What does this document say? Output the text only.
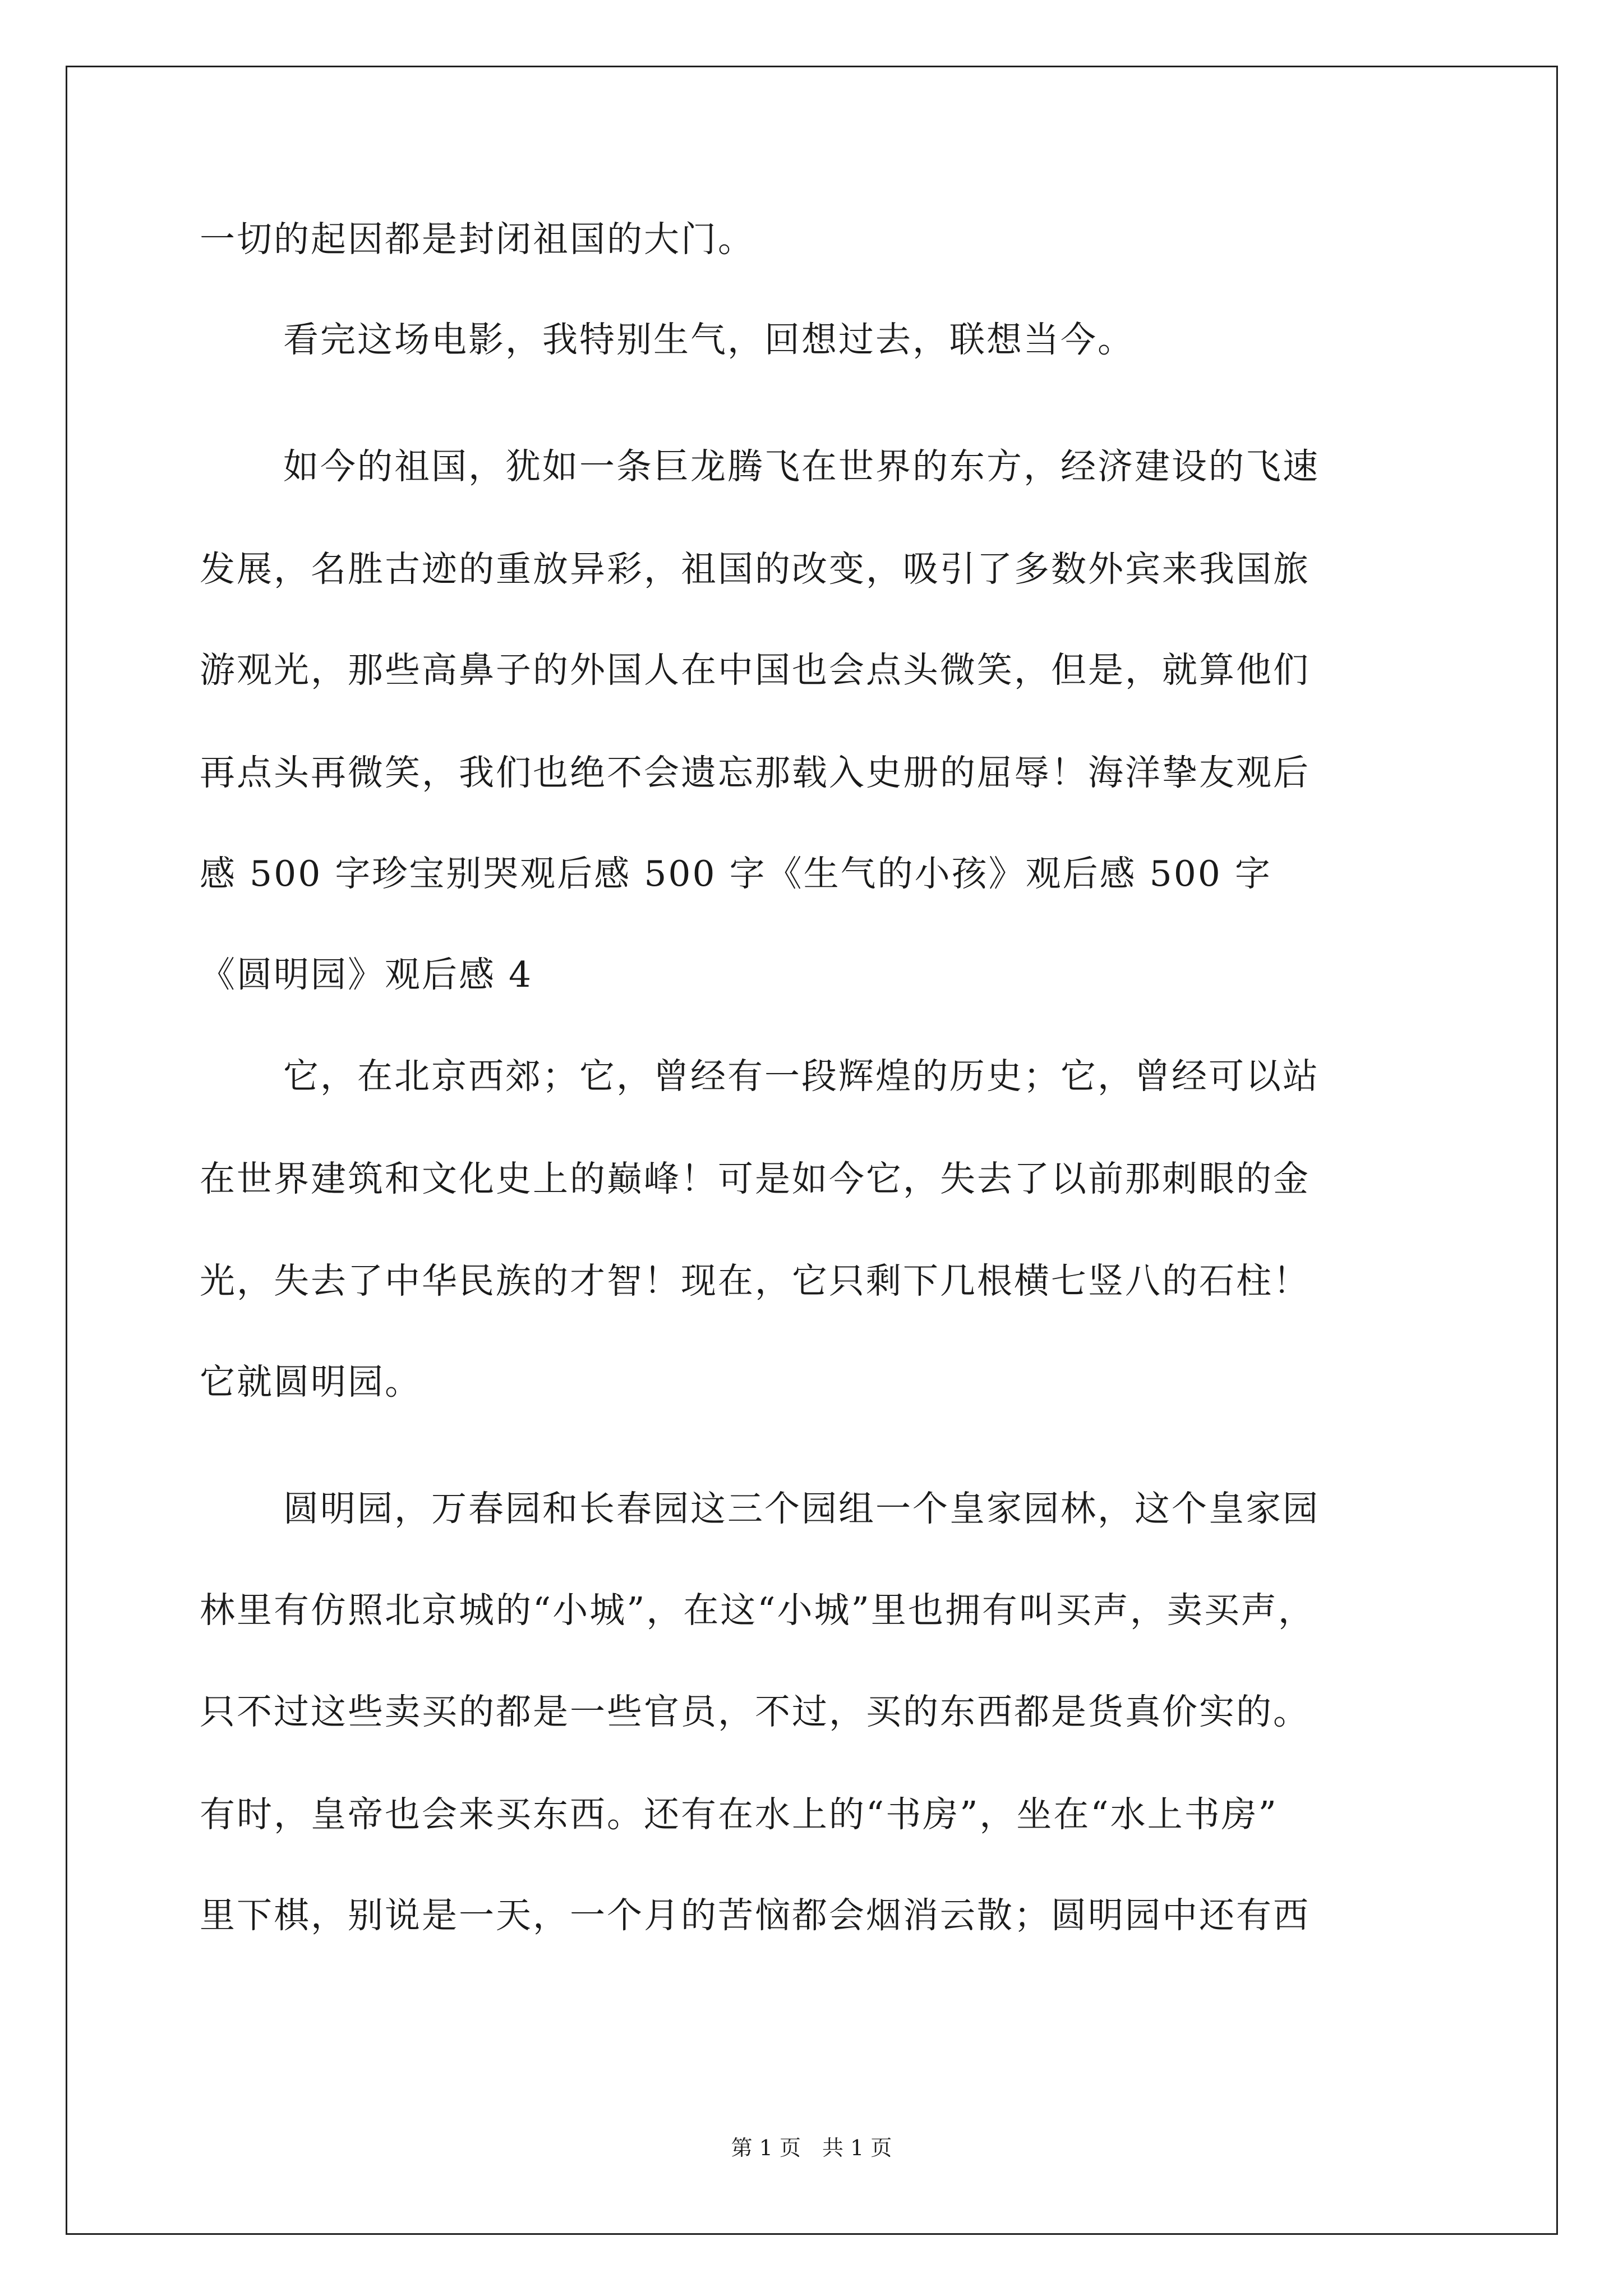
一切的起因都是封闭祖国的大门。
看完这场电影，我特别生气，回想过去，联想当今。
如今的祖国，犹如一条巨龙腾飞在世界的东方，经济建设的飞速
发展，名胜古迹的重放异彩，祖国的改变，吸引了多数外宾来我国旅
游观光，那些高鼻子的外国人在中国也会点头微笑，但是，就算他们
再点头再微笑，我们也绝不会遗忘那载入史册的屈辱！海洋挚友观后
感 500 字珍宝别哭观后感 500 字《生气的小孩》观后感 500 字
《圆明园》观后感 4
它，在北京西郊；它，曾经有一段辉煌的历史；它，曾经可以站
在世界建筑和文化史上的巅峰！可是如今它，失去了以前那刺眼的金
光，失去了中华民族的才智！现在，它只剩下几根横七竖八的石柱！
它就圆明园。
圆明园，万春园和长春园这三个园组一个皇家园林，这个皇家园
林里有仿照北京城的“小城”，在这“小城”里也拥有叫买声，卖买声，
只不过这些卖买的都是一些官员，不过，买的东西都是货真价实的。
有时，皇帝也会来买东西。还有在水上的“书房”，坐在“水上书房”
里下棋，别说是一天，一个月的苦恼都会烟消云散；圆明园中还有西
第 1 页 共 1 页
